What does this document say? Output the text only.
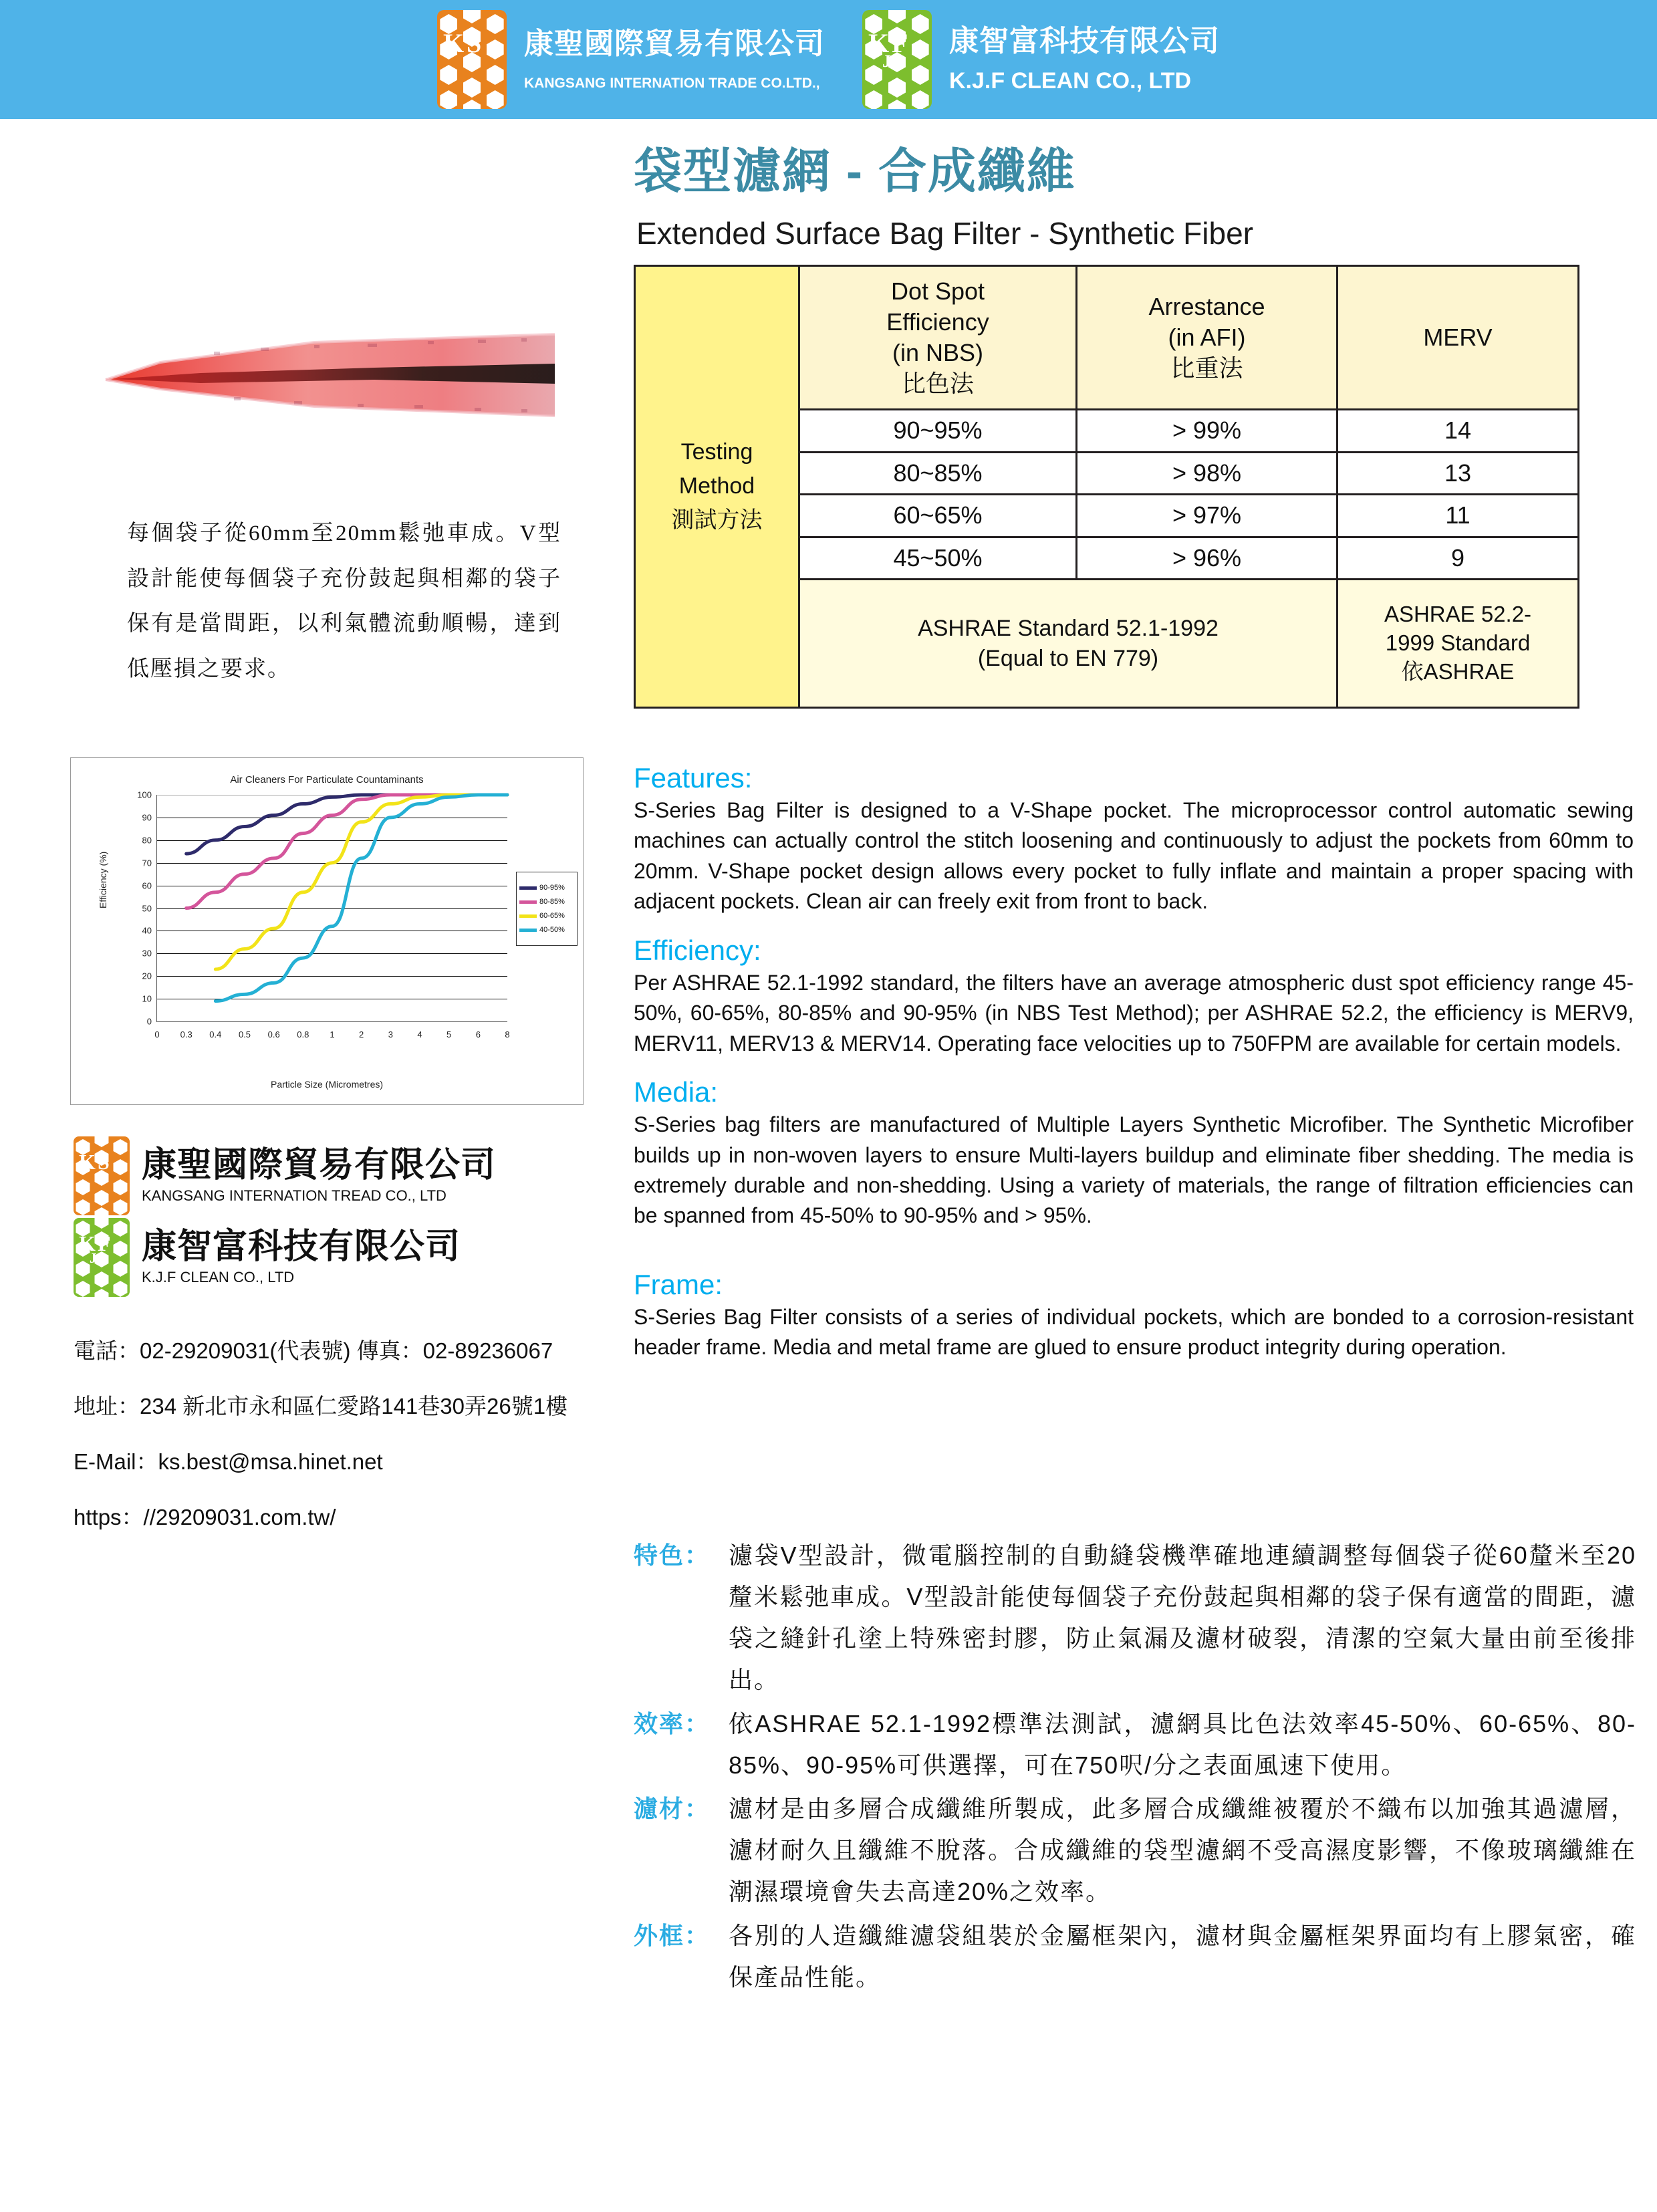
K S 康聖國際貿易有限公司
KANGSANG INTERNATION TRADE CO.LTD.,
K F
J
康智富科技有限公司
K.J.F CLEAN CO., LTD
袋型濾網 - 合成纖維
Extended Surface Bag Filter - Synthetic Fiber
Testing
Method
測試方法

Dot Spot
Efficiency
(in NBS)
比色法

Arrestance
(in AFI)
比重法

MERV

	90~95%	> 99%	14
	80~85%	> 98%	13
	60~65%	> 97%	11
	45~50%	> 96%	9

ASHRAE Standard 52.1-1992
(Equal to EN 779)

ASHRAE 52.2-
1999 Standard
依ASHRAE
每個袋子從60mm至20mm鬆弛車成。V型設計能使每個袋子充份鼓起與相鄰的袋子保有是當間距，以利氣體流動順暢，達到低壓損之要求。
Air Cleaners For Particulate Countaminants
Efficiency (%)
Particle Size (Micrometres)
0
10
20
30
40
50
60
70
80
90
100
0 0.3 0.4 0.5 0.6 0.8 1	2	3	4	5	6	8
90-95%
80-85%
60-65%
40-50%
K S 康聖國際貿易有限公司
KANGSANG INTERNATION TREAD CO., LTD
K F
J 康智富科技有限公司
K.J.F CLEAN CO., LTD
電話：02-29209031(代表號) 傳真：02-89236067
地址：234 新北市永和區仁愛路141巷30弄26號1樓
E-Mail：ks.best@msa.hinet.net
https：//29209031.com.tw/
Features:
S-Series Bag Filter is designed to a V-Shape pocket. The microprocessor control automatic sewing machines can actually control the stitch loosening and continuously to adjust the pockets from 60mm to 20mm. V-Shape pocket design allows every pocket to fully inflate and maintain a proper spacing with adjacent pockets. Clean air can freely exit from front to back.
Efficiency:
Per ASHRAE 52.1-1992 standard, the filters have an average atmospheric dust spot efficiency range 45-50%, 60-65%, 80-85% and 90-95% (in NBS Test Method); per ASHRAE 52.2, the efficiency is MERV9, MERV11, MERV13 & MERV14. Operating face velocities up to 750FPM are available for certain models.
Media:
S-Series bag filters are manufactured of Multiple Layers Synthetic Microfiber. The Synthetic Microfiber builds up in non-woven layers to ensure Multi-layers buildup and eliminate fiber shedding. The media is extremely durable and non-shedding. Using a variety of materials, the range of filtration efficiencies can be spanned from 45-50% to 90-95% and > 95%.
Frame:
S-Series Bag Filter consists of a series of individual pockets, which are bonded to a corrosion-resistant header frame. Media and metal frame are glued to ensure product integrity during operation.
特色： 濾袋V型設計，微電腦控制的自動縫袋機準確地連續調整每個袋子從60釐米至20釐米鬆弛車成。V型設計能使每個袋子充份鼓起與相鄰的袋子保有適當的間距，濾袋之縫針孔塗上特殊密封膠，防止氣漏及濾材破裂，清潔的空氣大量由前至後排出。
效率： 依ASHRAE 52.1-1992標準法測試，濾網具比色法效率45-50%、60-65%、80-85%、90-95%可供選擇，可在750呎/分之表面風速下使用。
濾材： 濾材是由多層合成纖維所製成，此多層合成纖維被覆於不織布以加強其過濾層，濾材耐久且纖維不脫落。合成纖維的袋型濾網不受高濕度影響，不像玻璃纖維在潮濕環境會失去高達20%之效率。
外框： 各別的人造纖維濾袋組裝於金屬框架內，濾材與金屬框架界面均有上膠氣密，確保產品性能。
